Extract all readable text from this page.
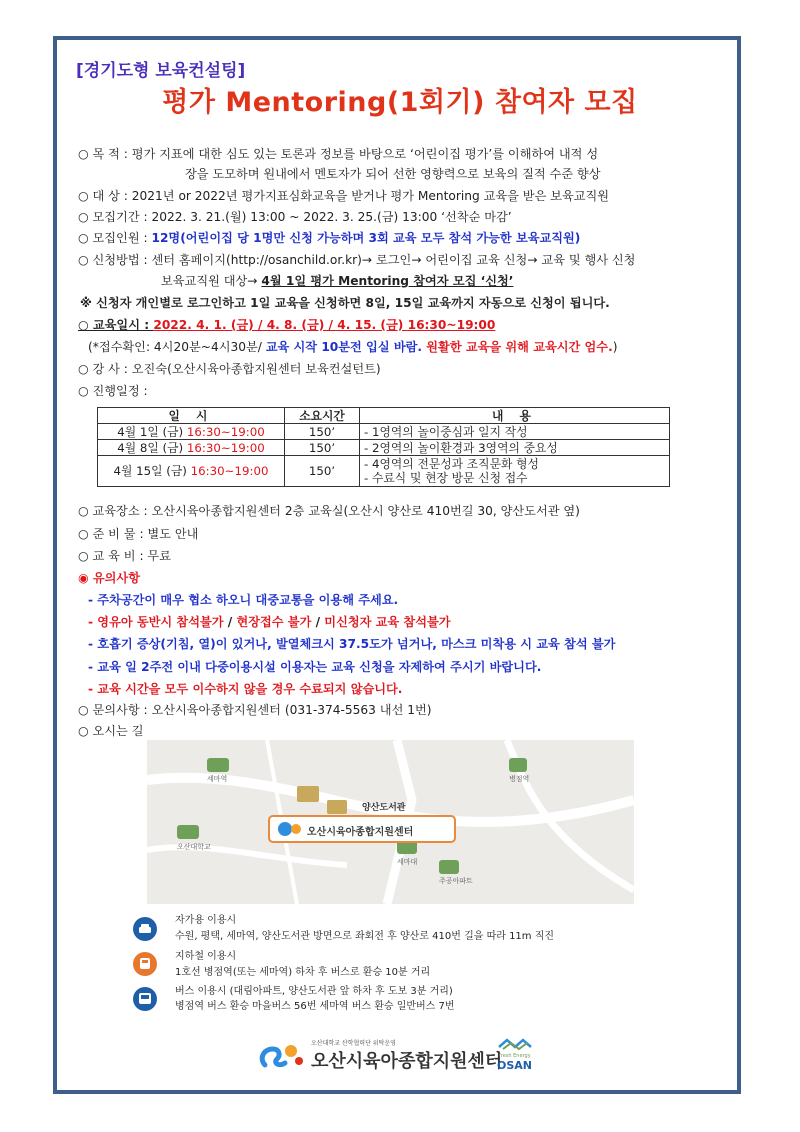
[경기도형 보육컨설팅]
평가 Mentoring(1회기) 참여자 모집
○ 목 적 : 평가 지표에 대한 심도 있는 토론과 정보를 바탕으로 ‘어린이집 평가’를 이해하여 내적 성
장을 도모하며 원내에서 멘토자가 되어 선한 영향력으로 보육의 질적 수준 향상
○ 대 상 : 2021년 or 2022년 평가지표심화교육을 받거나 평가 Mentoring 교육을 받은 보육교직원
○ 모집기간 : 2022. 3. 21.(월) 13:00 ~ 2022. 3. 25.(금) 13:00 ‘선착순 마감’
○ 모집인원 : 12명(어린이집 당 1명만 신청 가능하며 3회 교육 모두 참석 가능한 보육교직원)
○ 신청방법 : 센터 홈페이지(http://osanchild.or.kr)→ 로그인→ 어린이집 교육 신청→ 교육 및 행사 신청
보육교직원 대상→ 4월 1일 평가 Mentoring 참여자 모집 ‘신청’
※ 신청자 개인별로 로그인하고 1일 교육을 신청하면 8일, 15일 교육까지 자동으로 신청이 됩니다.
○ 교육일시 : 2022. 4. 1. (금) / 4. 8. (금) / 4. 15. (금) 16:30~19:00
(*접수확인: 4시20분~4시30분/ 교육 시작 10분전 입실 바람. 원활한 교육을 위해 교육시간 엄수.)
○ 강 사 : 오진숙(오산시육아종합지원센터 보육컨설턴트)
○ 진행일정 :
일 시	소요시간	내 용
4월 1일 (금) 16:30~19:00	150’	- 1영역의 놀이중심과 일지 작성
4월 8일 (금) 16:30~19:00	150’	- 2영역의 놀이환경과 3영역의 중요성
4월 15일 (금) 16:30~19:00	150’	- 4영역의 전문성과 조직문화 형성
- 수료식 및 현장 방문 신청 접수
○ 교육장소 : 오산시육아종합지원센터 2층 교육실(오산시 양산로 410번길 30, 양산도서관 옆)
○ 준 비 물 : 별도 안내
○ 교 육 비 : 무료
◉ 유의사항
- 주차공간이 매우 협소 하오니 대중교통을 이용해 주세요.
- 영유아 동반시 참석불가 / 현장접수 불가 / 미신청자 교육 참석불가
- 호흡기 증상(기침, 열)이 있거나, 발열체크시 37.5도가 넘거나, 마스크 미착용 시 교육 참석 불가
- 교육 일 2주전 이내 다중이용시설 이용자는 교육 신청을 자제하여 주시기 바랍니다.
- 교육 시간을 모두 이수하지 않을 경우 수료되지 않습니다.
○ 문의사항 : 오산시육아종합지원센터 (031-374-5563 내선 1번)
○ 오시는 길
오산시육아종합지원센터
양산도서관
세마역
오산대학교
세마대
주공아파트
병점역
자가용 이용시
수원, 평택, 세마역, 양산도서관 방면으로 좌회전 후 양산로 410번 길을 따라 11m 직진
지하철 이용시
1호선 병점역(또는 세마역) 하차 후 버스로 환승 10분 거리
버스 이용시 (대림아파트, 양산도서관 앞 하차 후 도보 3분 거리)
병점역 버스 환승 마을버스 56번 세마역 버스 환승 일반버스 7번
오산대학교 산학협력단 위탁운영
오산시육아종합지원센터
fresh Energy
OSAN
